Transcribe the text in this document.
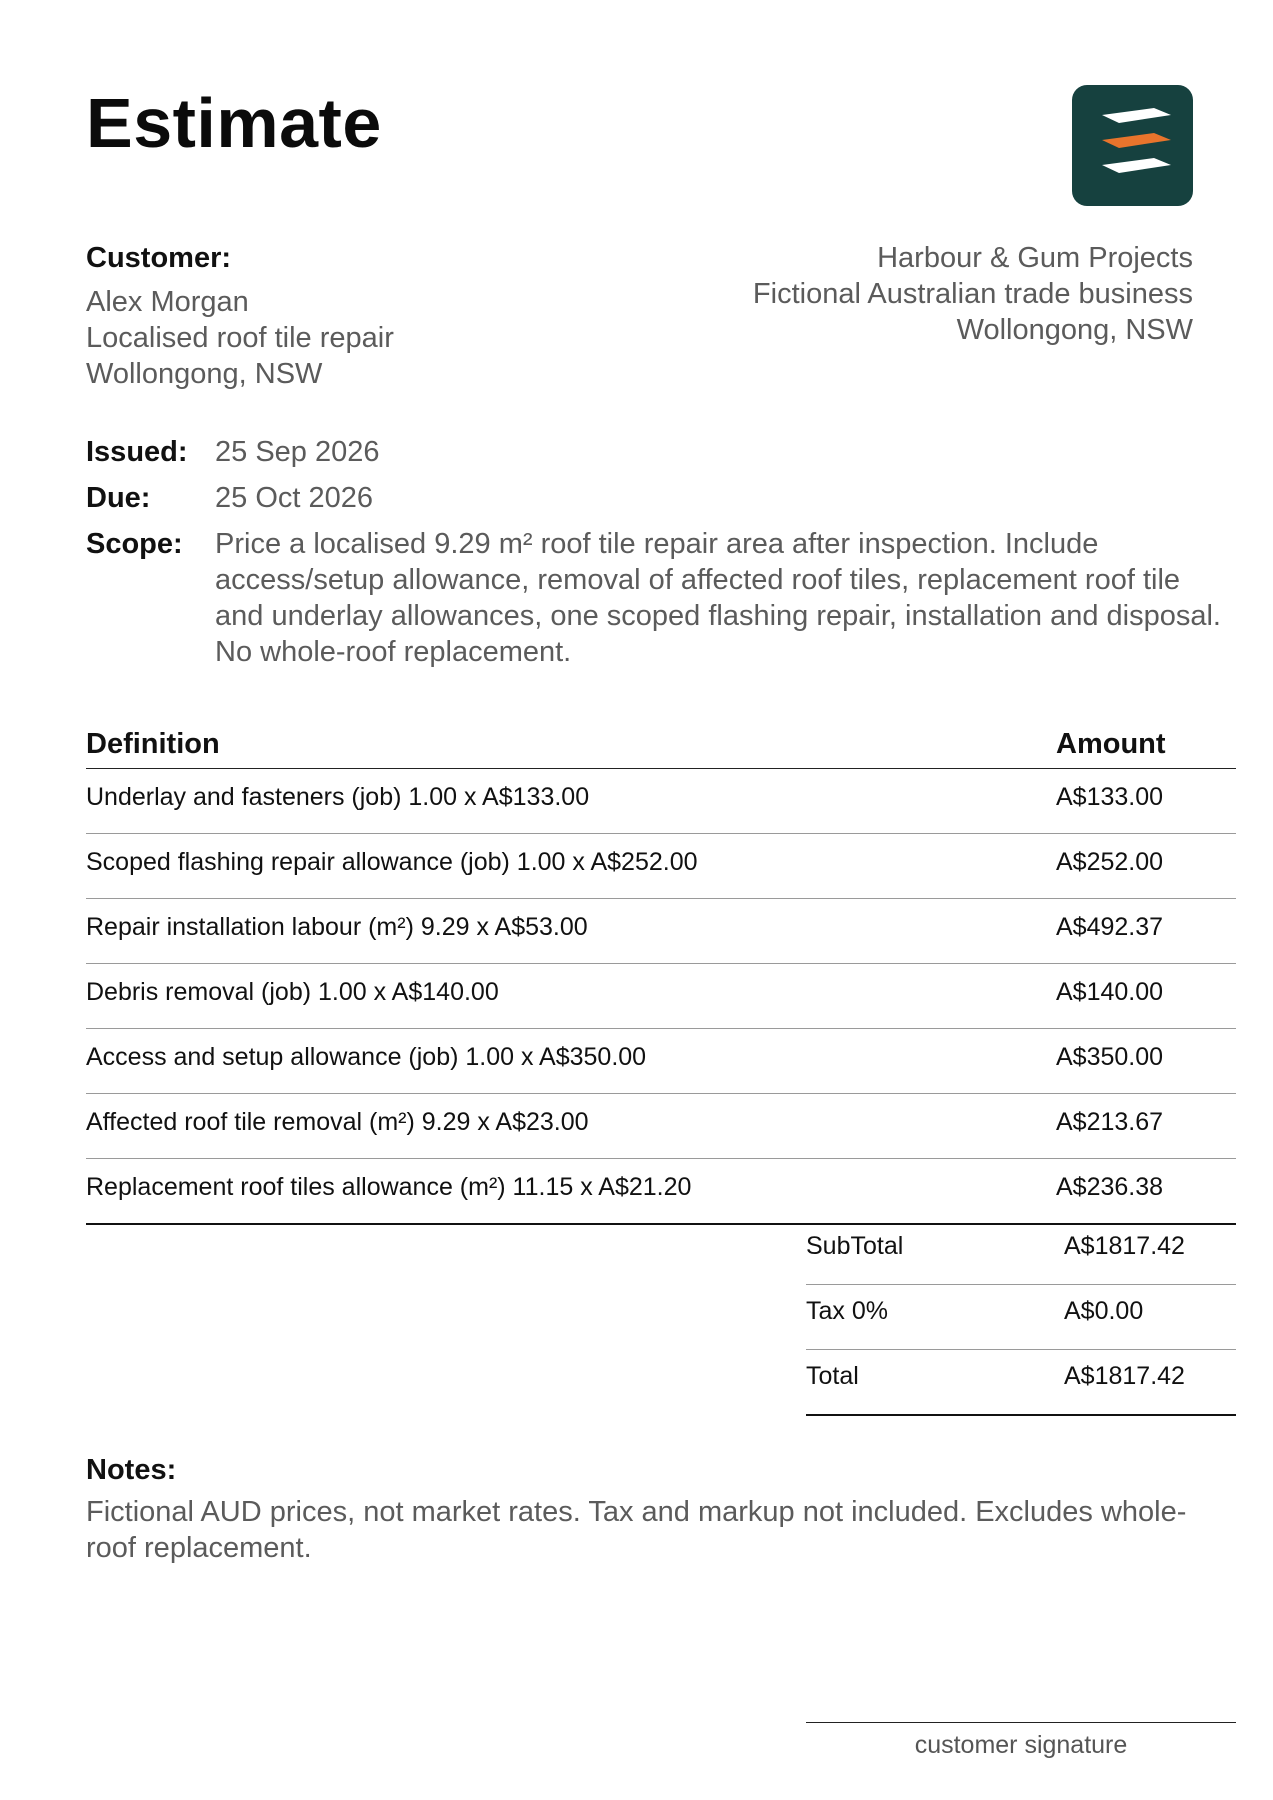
Estimate
Customer:
Alex Morgan
Localised roof tile repair
Wollongong, NSW
Harbour & Gum Projects
Fictional Australian trade business
Wollongong, NSW
Issued: 25 Sep 2026
Due:	25 Oct 2026
Scope:	Price a localised 9.29 m² roof tile repair area after inspection. Include access/setup allowance, removal of affected roof tiles, replacement roof tile and underlay allowances, one scoped flashing repair, installation and disposal. No whole-roof replacement.
Definition	Amount
Underlay and fasteners (job) 1.00 x A$133.00	A$133.00
Scoped flashing repair allowance (job) 1.00 x A$252.00	A$252.00
Repair installation labour (m²) 9.29 x A$53.00	A$492.37
Debris removal (job) 1.00 x A$140.00	A$140.00
Access and setup allowance (job) 1.00 x A$350.00	A$350.00
Affected roof tile removal (m²) 9.29 x A$23.00	A$213.67
Replacement roof tiles allowance (m²) 11.15 x A$21.20	A$236.38
SubTotal	A$1817.42
Tax 0%	A$0.00
Total	A$1817.42
Notes:
Fictional AUD prices, not market rates. Tax and markup not included. Excludes whole-roof replacement.
customer signature
